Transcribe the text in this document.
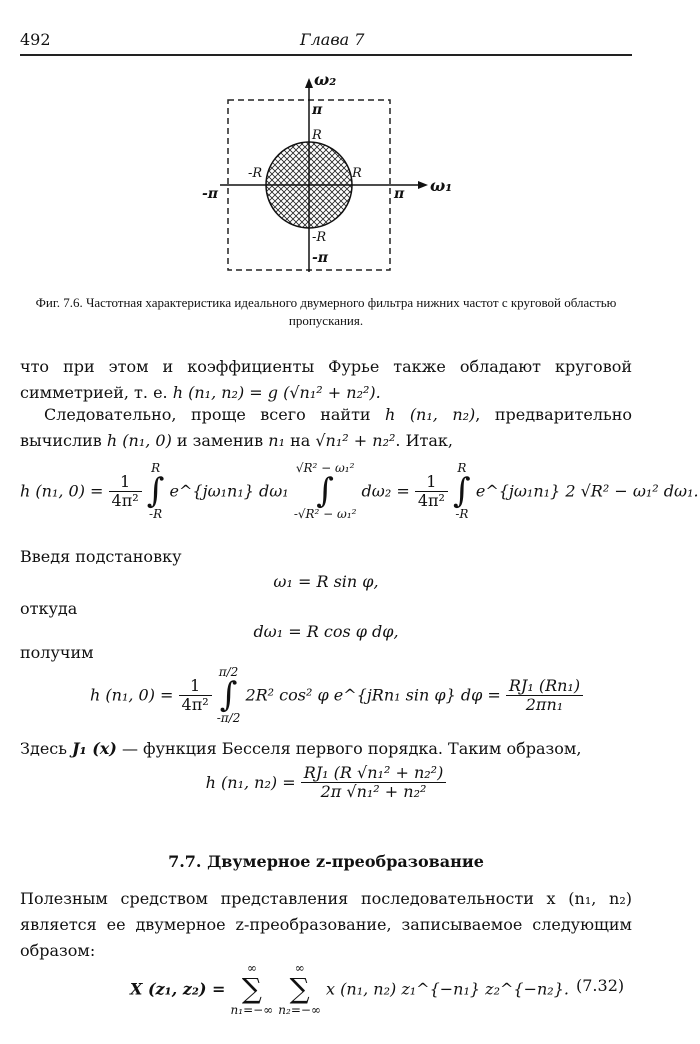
492	Глава 7
ω₂
ω₁
π
R
-R	R
-π	π
-R
-π
Фиг. 7.6. Частотная характеристика идеального двумерного фильтра нижних частот с круговой областью пропускания.
что при этом и коэффициенты Фурье также обладают круговой симметрией, т. е. h (n₁, n₂) = g (√n₁² + n₂²).
Следовательно, проще всего найти h (n₁, n₂), предварительно вычислив h (n₁, 0) и заменив n₁ на √n₁² + n₂². Итак,
h (n₁, $0) = \frac{1}{\text{4π²}}$
R
∫
-R e^{jω₁n₁} dω₁ √R² − ω₁²
∫
-√R² − ω₁² $d\omega_2 = \frac{1}{\text{4π²}}$
R
∫
-R e^{jω₁n₁} 2 √R² − ω₁² dω₁.
Введя подстановку
ω₁ = R sin φ,
откуда
dω₁ = R cos φ dφ,
получим
h (n₁, $0) = \frac{1}{\text{4π²}}$
π/2
∫
-π/2 2R² cos² φ e^{jRn₁ sin φ} $d\varphi = \frac{\text{RJ₁ (Rn₁)}}{\text{2πn₁}}$
Здесь J₁ (x) — функция Бесселя первого порядка. Таким образом,
h (n₁, $n_2) = \frac{\text{RJ₁ (R √n₁² + n₂²)}}{\text{2π √n₁² + n₂²}}$
7.7. Двумерное z-преобразование
Полезным средством представления последовательности x (n₁, n₂) является ее двумерное z-преобразование, записываемое следующим образом:
X (z₁, z₂) = ∞
∑
n₁=−∞ ∞
∑
n₂=−∞ x (n₁, n₂) z₁^{−n₁} z₂^{−n₂}. (7.32)
